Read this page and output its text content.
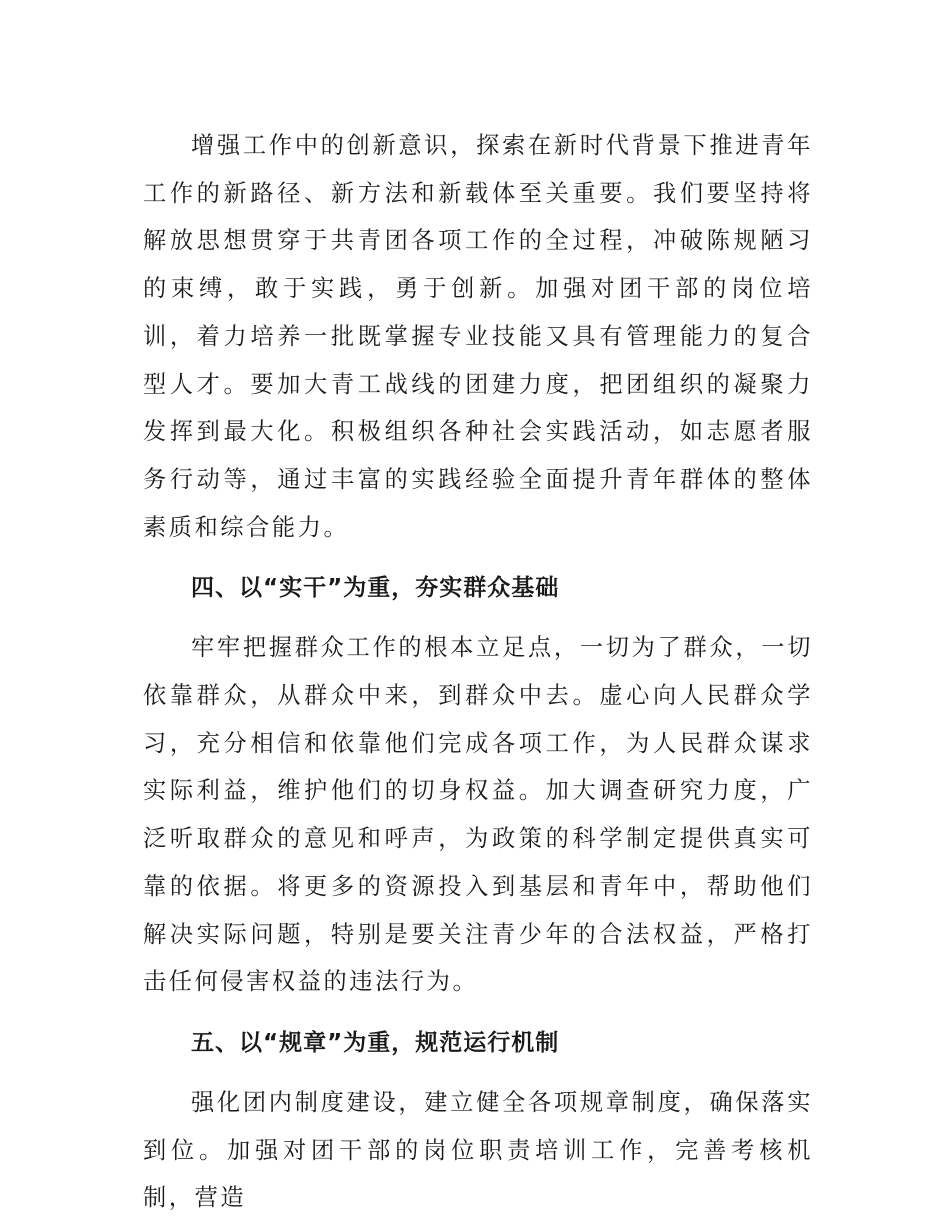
增强工作中的创新意识，探索在新时代背景下推进青年工作的新路径、新方法和新载体至关重要。我们要坚持将解放思想贯穿于共青团各项工作的全过程，冲破陈规陋习的束缚，敢于实践，勇于创新。加强对团干部的岗位培训，着力培养一批既掌握专业技能又具有管理能力的复合型人才。要加大青工战线的团建力度，把团组织的凝聚力发挥到最大化。积极组织各种社会实践活动，如志愿者服务行动等，通过丰富的实践经验全面提升青年群体的整体素质和综合能力。

四、以“实干”为重，夯实群众基础

牢牢把握群众工作的根本立足点，一切为了群众，一切依靠群众，从群众中来，到群众中去。虚心向人民群众学习，充分相信和依靠他们完成各项工作，为人民群众谋求实际利益，维护他们的切身权益。加大调查研究力度，广泛听取群众的意见和呼声，为政策的科学制定提供真实可靠的依据。将更多的资源投入到基层和青年中，帮助他们解决实际问题，特别是要关注青少年的合法权益，严格打击任何侵害权益的违法行为。

五、以“规章”为重，规范运行机制

强化团内制度建设，建立健全各项规章制度，确保落实到位。加强对团干部的岗位职责培训工作，完善考核机制，营造
